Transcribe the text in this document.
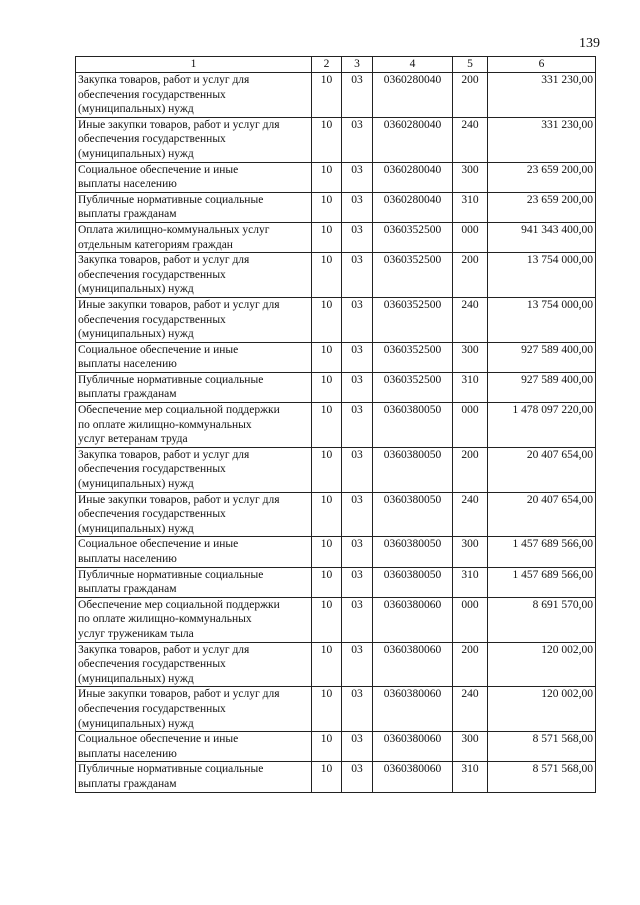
139
1	2	3	4	5	6

Закупка товаров, работ и услуг для
обеспечения государственных
(муниципальных) нужд	10	03	0360280040	200	331 230,00

Иные закупки товаров, работ и услуг для
обеспечения государственных
(муниципальных) нужд	10	03	0360280040	240	331 230,00

Социальное обеспечение и иные
выплаты населению	10	03	0360280040	300	23 659 200,00

Публичные нормативные социальные
выплаты гражданам	10	03	0360280040	310	23 659 200,00

Оплата жилищно-коммунальных услуг
отдельным категориям граждан	10	03	0360352500	000	941 343 400,00

Закупка товаров, работ и услуг для
обеспечения государственных
(муниципальных) нужд	10	03	0360352500	200	13 754 000,00

Иные закупки товаров, работ и услуг для
обеспечения государственных
(муниципальных) нужд	10	03	0360352500	240	13 754 000,00

Социальное обеспечение и иные
выплаты населению	10	03	0360352500	300	927 589 400,00

Публичные нормативные социальные
выплаты гражданам	10	03	0360352500	310	927 589 400,00

Обеспечение мер социальной поддержки
по оплате жилищно-коммунальных
услуг ветеранам труда	10	03	0360380050	000	1 478 097 220,00

Закупка товаров, работ и услуг для
обеспечения государственных
(муниципальных) нужд	10	03	0360380050	200	20 407 654,00

Иные закупки товаров, работ и услуг для
обеспечения государственных
(муниципальных) нужд	10	03	0360380050	240	20 407 654,00

Социальное обеспечение и иные
выплаты населению	10	03	0360380050	300	1 457 689 566,00

Публичные нормативные социальные
выплаты гражданам	10	03	0360380050	310	1 457 689 566,00

Обеспечение мер социальной поддержки
по оплате жилищно-коммунальных
услуг труженикам тыла	10	03	0360380060	000	8 691 570,00

Закупка товаров, работ и услуг для
обеспечения государственных
(муниципальных) нужд	10	03	0360380060	200	120 002,00

Иные закупки товаров, работ и услуг для
обеспечения государственных
(муниципальных) нужд	10	03	0360380060	240	120 002,00

Социальное обеспечение и иные
выплаты населению	10	03	0360380060	300	8 571 568,00

Публичные нормативные социальные
выплаты гражданам	10	03	0360380060	310	8 571 568,00
